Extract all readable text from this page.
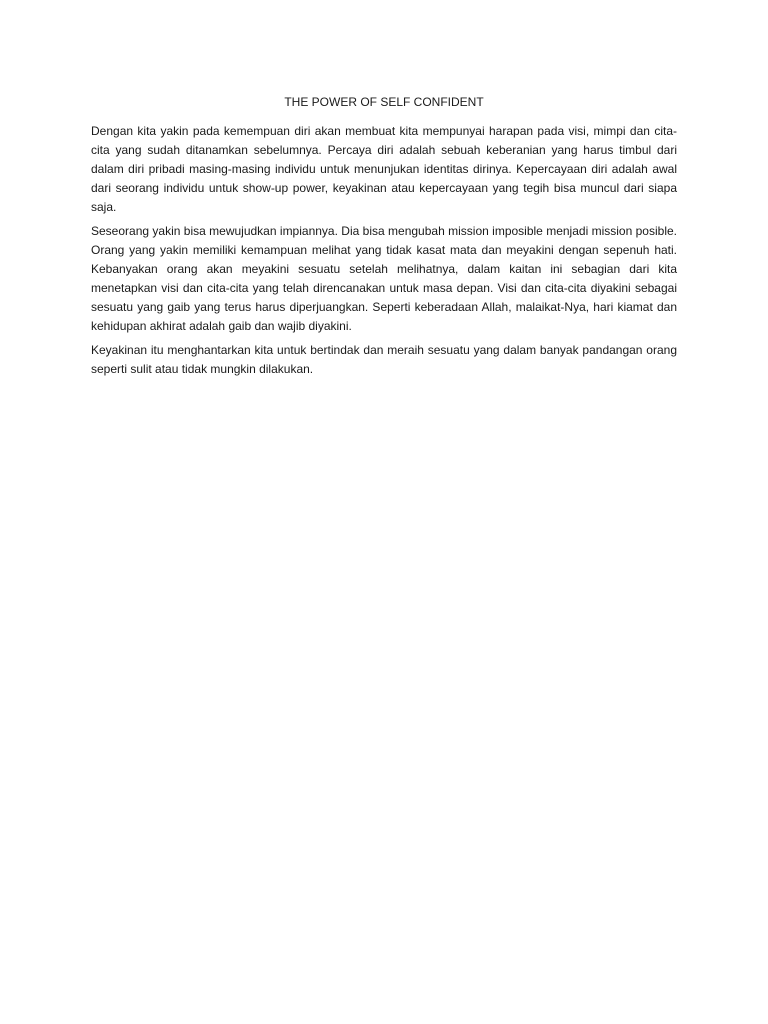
THE POWER OF SELF CONFIDENT

Dengan kita yakin pada kemempuan diri akan membuat kita mempunyai harapan pada visi, mimpi dan cita-cita yang sudah ditanamkan sebelumnya. Percaya diri adalah sebuah keberanian yang harus timbul dari dalam diri pribadi masing-masing individu untuk menunjukan identitas dirinya. Kepercayaan diri adalah awal dari seorang individu untuk show-up power, keyakinan atau kepercayaan yang tegih bisa muncul dari siapa saja.

Seseorang yakin bisa mewujudkan impiannya. Dia bisa mengubah mission imposible menjadi mission posible. Orang yang yakin memiliki kemampuan melihat yang tidak kasat mata dan meyakini dengan sepenuh hati. Kebanyakan orang akan meyakini sesuatu setelah melihatnya, dalam kaitan ini sebagian dari kita menetapkan visi dan cita-cita yang telah direncanakan untuk masa depan. Visi dan cita-cita diyakini sebagai sesuatu yang gaib yang terus harus diperjuangkan. Seperti keberadaan Allah, malaikat-Nya, hari kiamat dan kehidupan akhirat adalah gaib dan wajib diyakini.

Keyakinan itu menghantarkan kita untuk bertindak dan meraih sesuatu yang dalam banyak pandangan orang seperti sulit atau tidak mungkin dilakukan.
